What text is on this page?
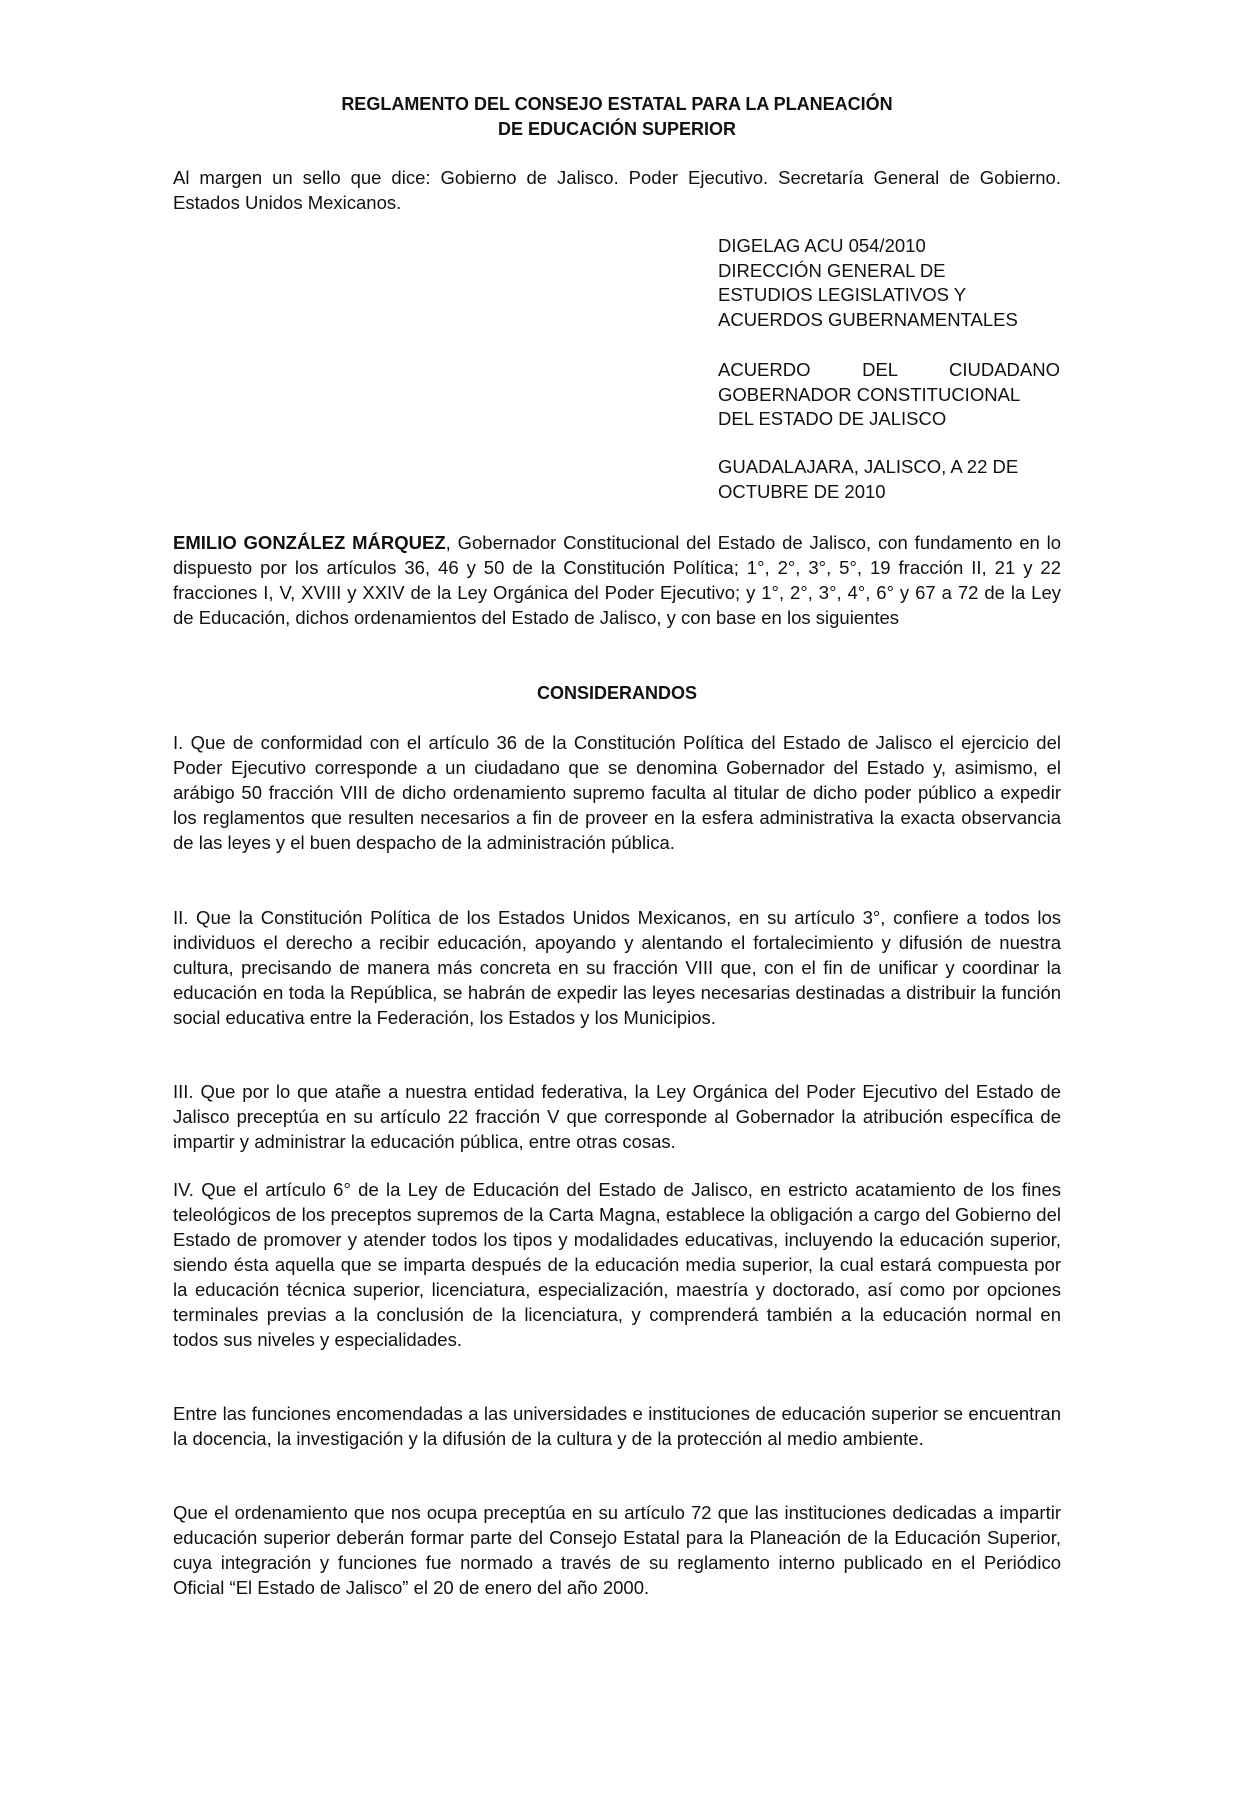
REGLAMENTO DEL CONSEJO ESTATAL PARA LA PLANEACIÓN
DE EDUCACIÓN SUPERIOR

Al margen un sello que dice: Gobierno de Jalisco. Poder Ejecutivo. Secretaría General de Gobierno. Estados Unidos Mexicanos.

DIGELAG ACU 054/2010
DIRECCIÓN GENERAL DE
ESTUDIOS LEGISLATIVOS Y
ACUERDOS GUBERNAMENTALES
ACUERDO DEL CIUDADANO
GOBERNADOR CONSTITUCIONAL
DEL ESTADO DE JALISCO
GUADALAJARA, JALISCO, A 22 DE
OCTUBRE DE 2010

EMILIO GONZÁLEZ MÁRQUEZ, Gobernador Constitucional del Estado de Jalisco, con fundamento en lo dispuesto por los artículos 36, 46 y 50 de la Constitución Política; 1°, 2°, 3°, 5°, 19 fracción II, 21 y 22 fracciones I, V, XVIII y XXIV de la Ley Orgánica del Poder Ejecutivo; y 1°, 2°, 3°, 4°, 6° y 67 a 72 de la Ley de Educación, dichos ordenamientos del Estado de Jalisco, y con base en los siguientes

CONSIDERANDOS

I. Que de conformidad con el artículo 36 de la Constitución Política del Estado de Jalisco el ejercicio del Poder Ejecutivo corresponde a un ciudadano que se denomina Gobernador del Estado y, asimismo, el arábigo 50 fracción VIII de dicho ordenamiento supremo faculta al titular de dicho poder público a expedir los reglamentos que resulten necesarios a fin de proveer en la esfera administrativa la exacta observancia de las leyes y el buen despacho de la administración pública.

II. Que la Constitución Política de los Estados Unidos Mexicanos, en su artículo 3°, confiere a todos los individuos el derecho a recibir educación, apoyando y alentando el fortalecimiento y difusión de nuestra cultura, precisando de manera más concreta en su fracción VIII que, con el fin de unificar y coordinar la educación en toda la República, se habrán de expedir las leyes necesarias destinadas a distribuir la función social educativa entre la Federación, los Estados y los Municipios.

III. Que por lo que atañe a nuestra entidad federativa, la Ley Orgánica del Poder Ejecutivo del Estado de Jalisco preceptúa en su artículo 22 fracción V que corresponde al Gobernador la atribución específica de impartir y administrar la educación pública, entre otras cosas.

IV. Que el artículo 6° de la Ley de Educación del Estado de Jalisco, en estricto acatamiento de los fines teleológicos de los preceptos supremos de la Carta Magna, establece la obligación a cargo del Gobierno del Estado de promover y atender todos los tipos y modalidades educativas, incluyendo la educación superior, siendo ésta aquella que se imparta después de la educación media superior, la cual estará compuesta por la educación técnica superior, licenciatura, especialización, maestría y doctorado, así como por opciones terminales previas a la conclusión de la licenciatura, y comprenderá también a la educación normal en todos sus niveles y especialidades.

Entre las funciones encomendadas a las universidades e instituciones de educación superior se encuentran la docencia, la investigación y la difusión de la cultura y de la protección al medio ambiente.

Que el ordenamiento que nos ocupa preceptúa en su artículo 72 que las instituciones dedicadas a impartir educación superior deberán formar parte del Consejo Estatal para la Planeación de la Educación Superior, cuya integración y funciones fue normado a través de su reglamento interno publicado en el Periódico Oficial “El Estado de Jalisco” el 20 de enero del año 2000.
